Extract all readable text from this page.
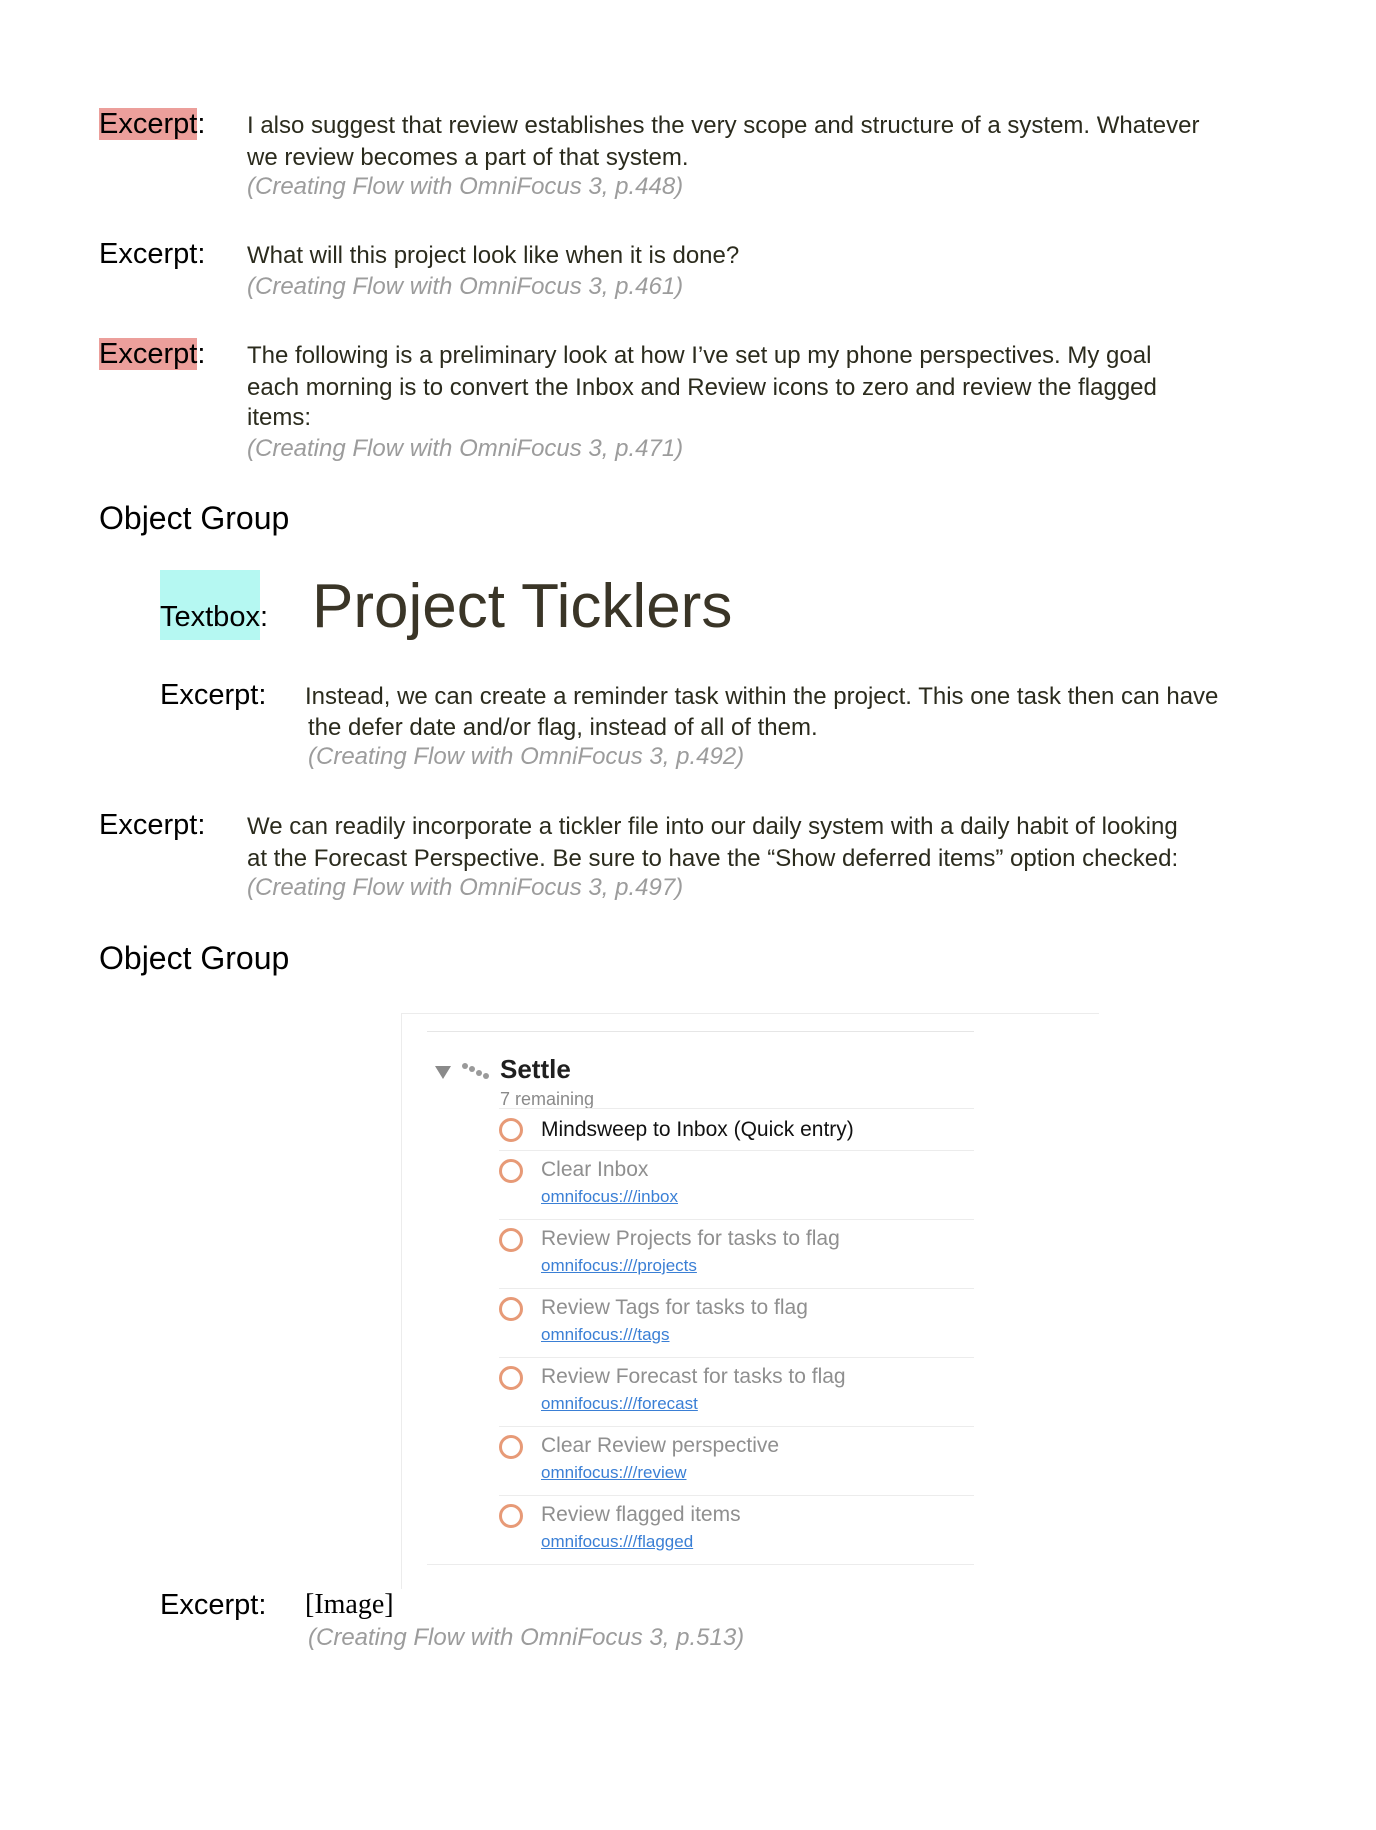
Excerpt: I also suggest that review establishes the very scope and structure of a system. Whatever
we review becomes a part of that system.
(Creating Flow with OmniFocus 3, p.448)
Excerpt: What will this project look like when it is done?
(Creating Flow with OmniFocus 3, p.461)
Excerpt: The following is a preliminary look at how I’ve set up my phone perspectives. My goal
each morning is to convert the Inbox and Review icons to zero and review the flagged
items:
(Creating Flow with OmniFocus 3, p.471)
Object Group
Textbox: Project Ticklers
Excerpt: Instead, we can create a reminder task within the project. This one task then can have
the defer date and/or flag, instead of all of them.
(Creating Flow with OmniFocus 3, p.492)
Excerpt: We can readily incorporate a tickler file into our daily system with a daily habit of looking
at the Forecast Perspective. Be sure to have the “Show deferred items” option checked:
(Creating Flow with OmniFocus 3, p.497)
Object Group
Settle
7 remaining
Mindsweep to Inbox (Quick entry)
Clear Inbox
omnifocus:///inbox
Review Projects for tasks to flag
omnifocus:///projects
Review Tags for tasks to flag
omnifocus:///tags
Review Forecast for tasks to flag
omnifocus:///forecast
Clear Review perspective
omnifocus:///review
Review flagged items
omnifocus:///flagged
Excerpt: [Image]
(Creating Flow with OmniFocus 3, p.513)
